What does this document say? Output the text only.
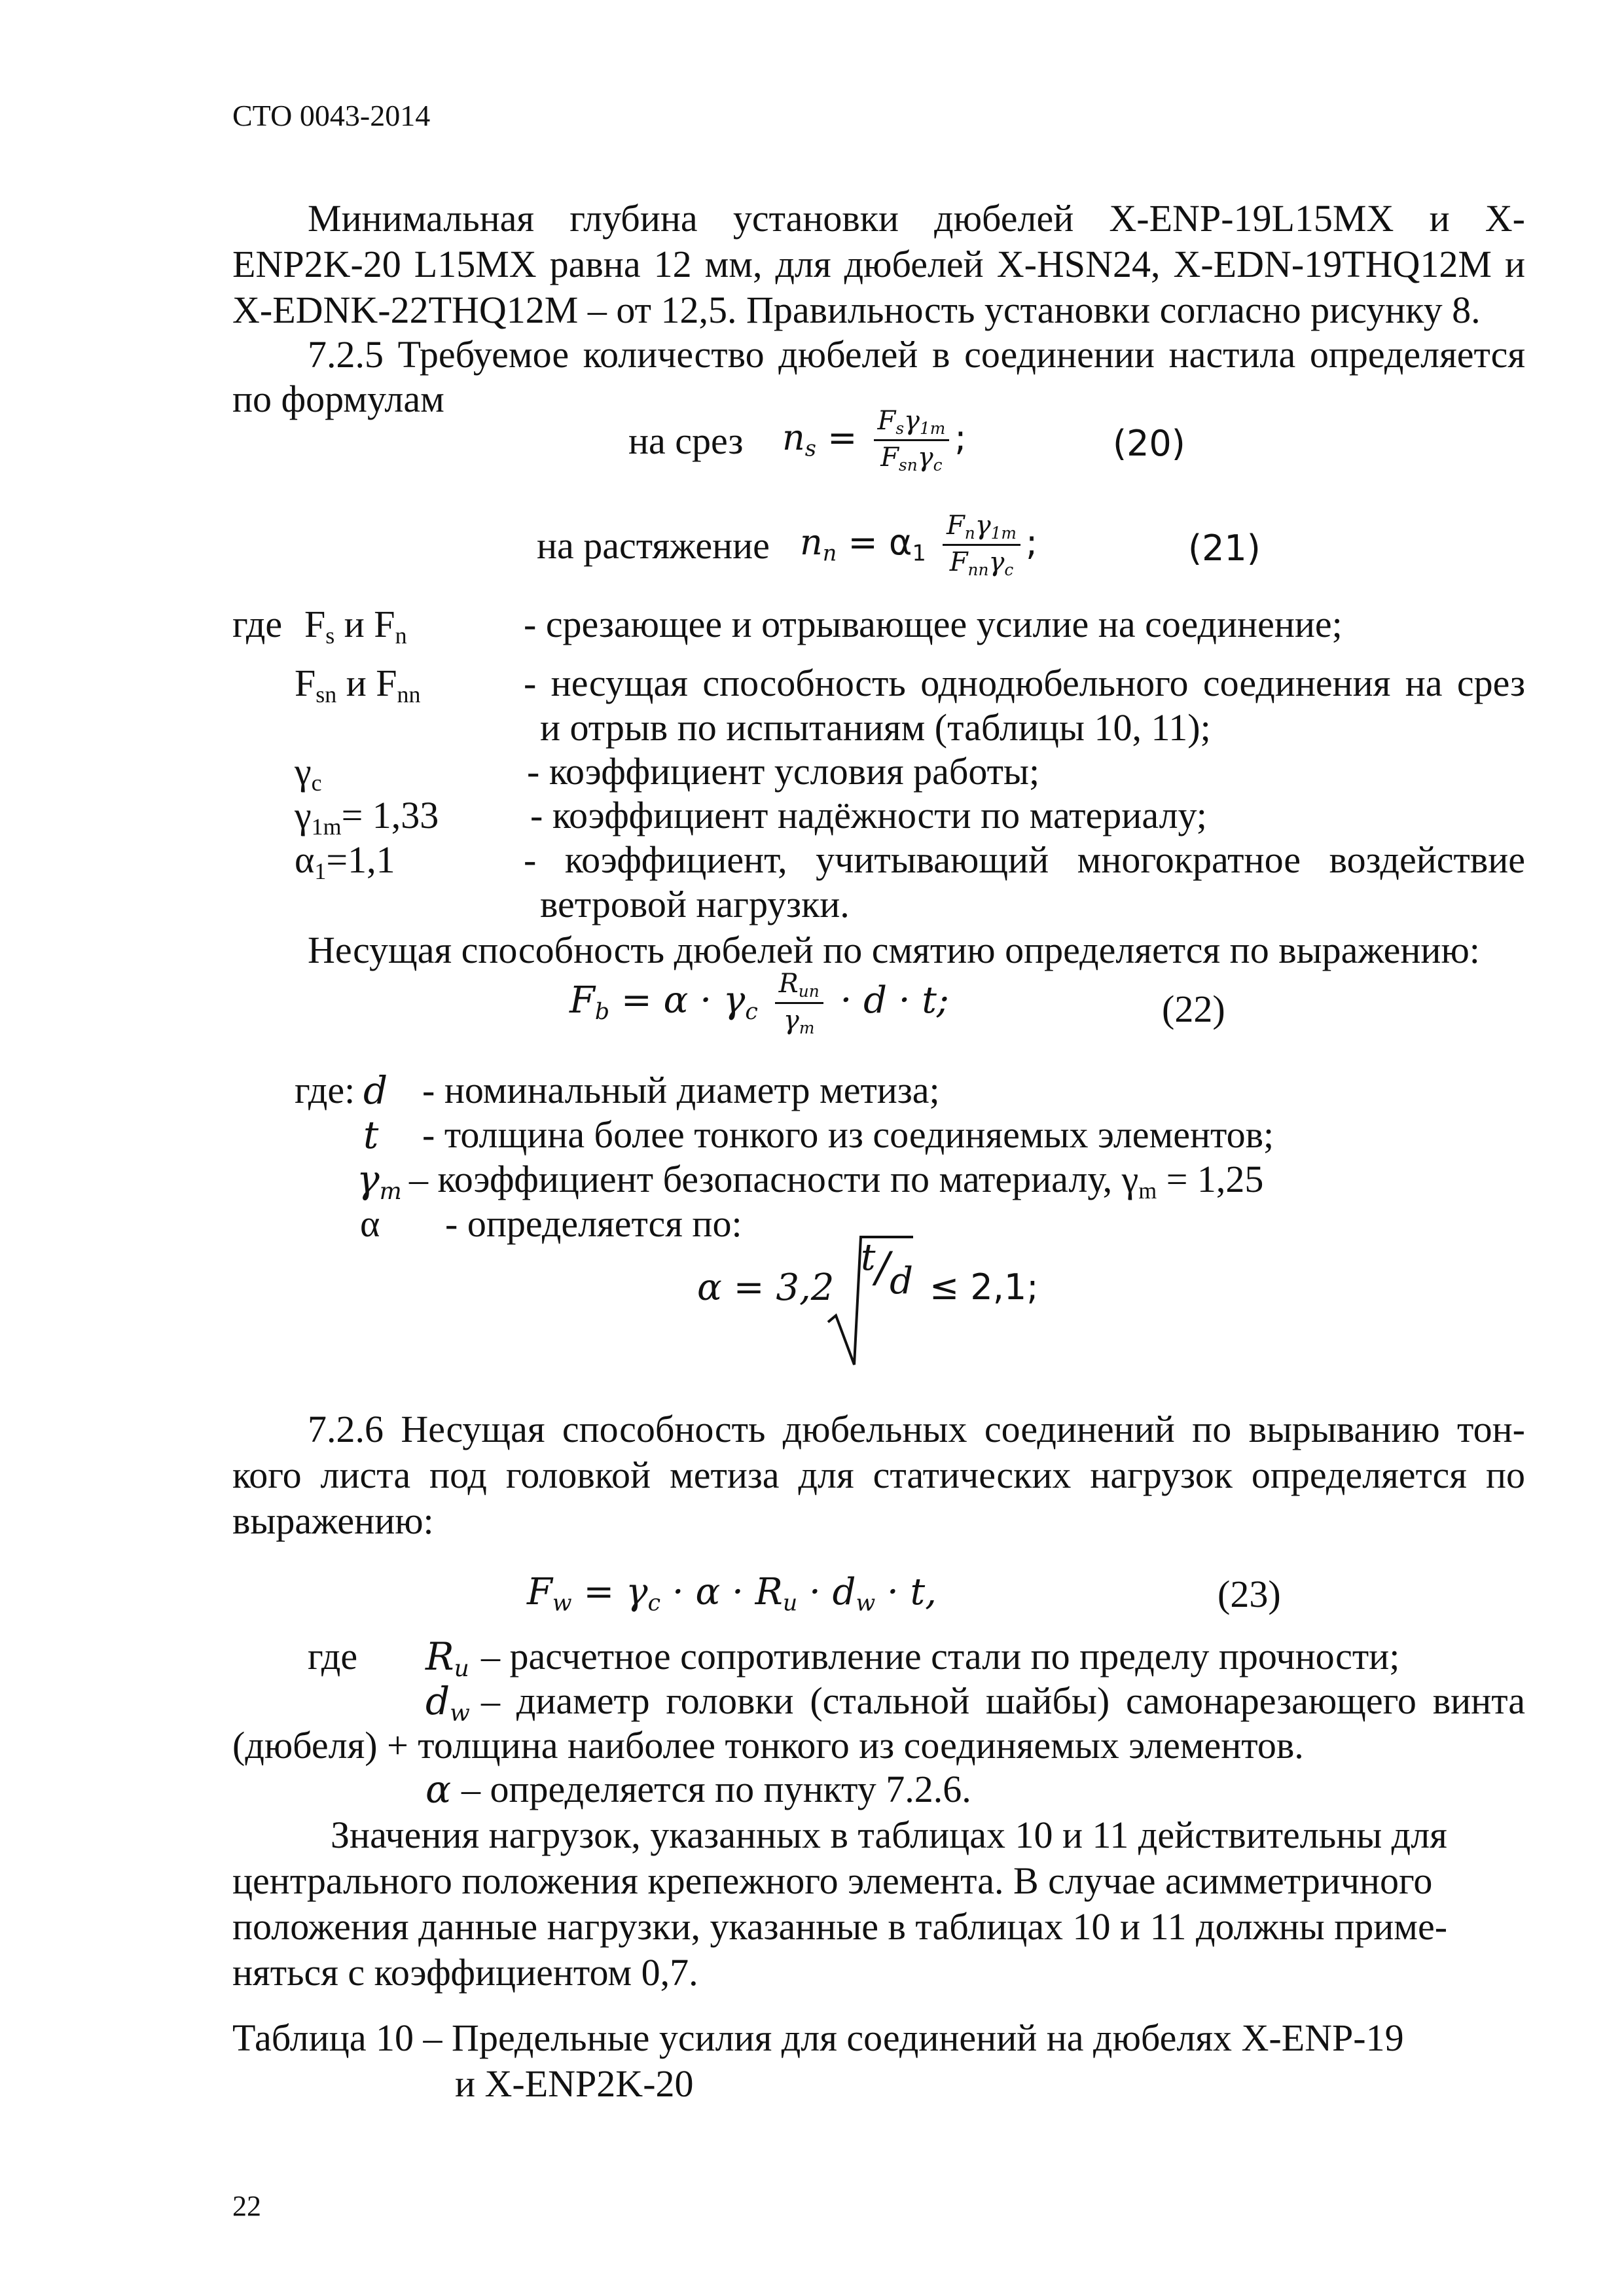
СТО 0043-2014
Минимальная глубина установки дюбелей X-ENP-19L15MX и X-
ENP2K-20 L15MX равна 12 мм, для дюбелей X-HSN24, X-EDN-19THQ12M и
X-EDNK-22THQ12M – от 12,5. Правильность установки согласно рисунку 8.
7.2.5 Требуемое количество дюбелей в соединении настила определяется
по формулам
на срез $n_s = \frac{F_s\gamma_{1m}}{F_{sn}\gamma_c}$ ;	(20)
на растяжение $n_n = \alpha_1 \frac{F_n\gamma_{1m}}{F_{nn}\gamma_c}$ ;	(21)
где $F_s$ и $F_n$	- срезающее и отрывающее усилие на соединение;
$F_{sn}$ и $F_{nn}$	- несущая способность однодюбельного соединения на срез
и отрыв по испытаниям (таблицы 10, 11);
$\gamma_c$	- коэффициент условия работы;
$\gamma_{1m}= 1,33$ - коэффициент надёжности по материалу;
$\alpha_1=1,1$	- коэффициент, учитывающий многократное воздействие
ветровой нагрузки.
Несущая способность дюбелей по смятию определяется по выражению:
$F_b = \alpha \cdot \gamma_c \frac{R_{un}}{\gamma_m} \cdot d \cdot t$;	(22)
где: d - номинальный диаметр метиза;
t - толщина более тонкого из соединяемых элементов;
$\gamma_m$ – коэффициент безопасности по материалу, $\gamma_m = 1,25$
α - определяется по:
α = 3,2
t/d ≤ 2,1;
7.2.6 Несущая способность дюбельных соединений по вырыванию тон-
кого листа под головкой метиза для статических нагрузок определяется по
выражению:
$F_w = \gamma_c \cdot \alpha \cdot R_u \cdot d_w \cdot t$,	(23)
где $R_u$ – расчетное сопротивление стали по пределу прочности;
$d_w$ – диаметр головки (стальной шайбы) самонарезающего винта
(дюбеля) + толщина наиболее тонкого из соединяемых элементов.
α – определяется по пункту 7.2.6.
Значения нагрузок, указанных в таблицах 10 и 11 действительны для
центрального положения крепежного элемента. В случае асимметричного
положения данные нагрузки, указанные в таблицах 10 и 11 должны приме-
няться с коэффициентом 0,7.
Таблица 10 – Предельные усилия для соединений на дюбелях X-ENP-19
и X-ENP2K-20
22
